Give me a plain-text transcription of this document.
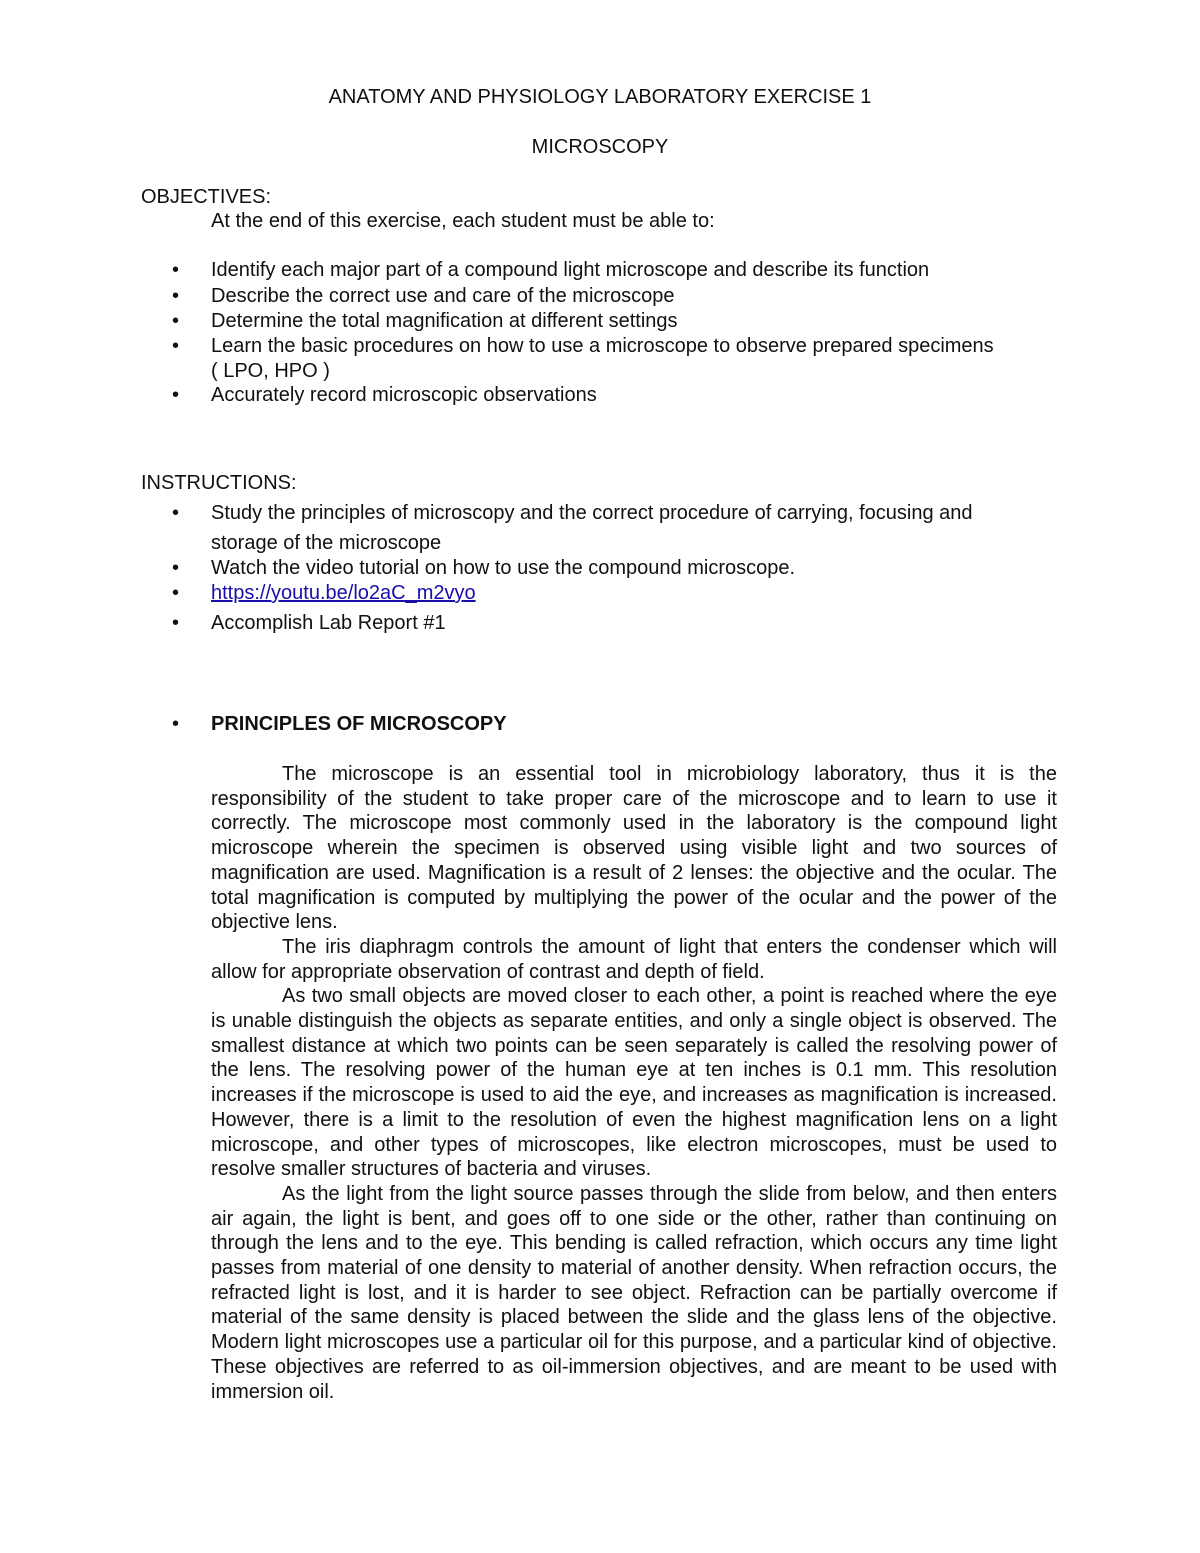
ANATOMY AND PHYSIOLOGY LABORATORY EXERCISE 1
MICROSCOPY
OBJECTIVES:
At the end of this exercise, each student must be able to:
•
Identify each major part of a compound light microscope and describe its function
•
Describe the correct use and care of the microscope
•
Determine the total magnification at different settings
•
Learn the basic procedures on how to use a microscope to observe prepared specimens
( LPO, HPO )
•
Accurately record microscopic observations
INSTRUCTIONS:
•
Study the principles of microscopy and the correct procedure of carrying, focusing and
storage of the microscope
•
Watch the video tutorial on how to use the compound microscope.
•
https://youtu.be/lo2aC_m2vyo
•
Accomplish Lab Report #1
•
PRINCIPLES OF MICROSCOPY

The microscope is an essential tool in microbiology laboratory, thus it is the responsibility of the student to take proper care of the microscope and to learn to use it correctly. The microscope most commonly used in the laboratory is the compound light microscope wherein the specimen is observed using visible light and two sources of magnification are used. Magnification is a result of 2 lenses: the objective and the ocular. The total magnification is computed by multiplying the power of the ocular and the power of the objective lens.

The iris diaphragm controls the amount of light that enters the condenser which will allow for appropriate observation of contrast and depth of field.

As two small objects are moved closer to each other, a point is reached where the eye is unable distinguish the objects as separate entities, and only a single object is observed. The smallest distance at which two points can be seen separately is called the resolving power of the lens. The resolving power of the human eye at ten inches is 0.1 mm. This resolution increases if the microscope is used to aid the eye, and increases as magnification is increased. However, there is a limit to the resolution of even the highest magnification lens on a light microscope, and other types of microscopes, like electron microscopes, must be used to resolve smaller structures of bacteria and viruses.

As the light from the light source passes through the slide from below, and then enters air again, the light is bent, and goes off to one side or the other, rather than continuing on through the lens and to the eye. This bending is called refraction, which occurs any time light passes from material of one density to material of another density. When refraction occurs, the refracted light is lost, and it is harder to see object. Refraction can be partially overcome if material of the same density is placed between the slide and the glass lens of the objective. Modern light microscopes use a particular oil for this purpose, and a particular kind of objective. These objectives are referred to as oil-immersion objectives, and are meant to be used with immersion oil.
